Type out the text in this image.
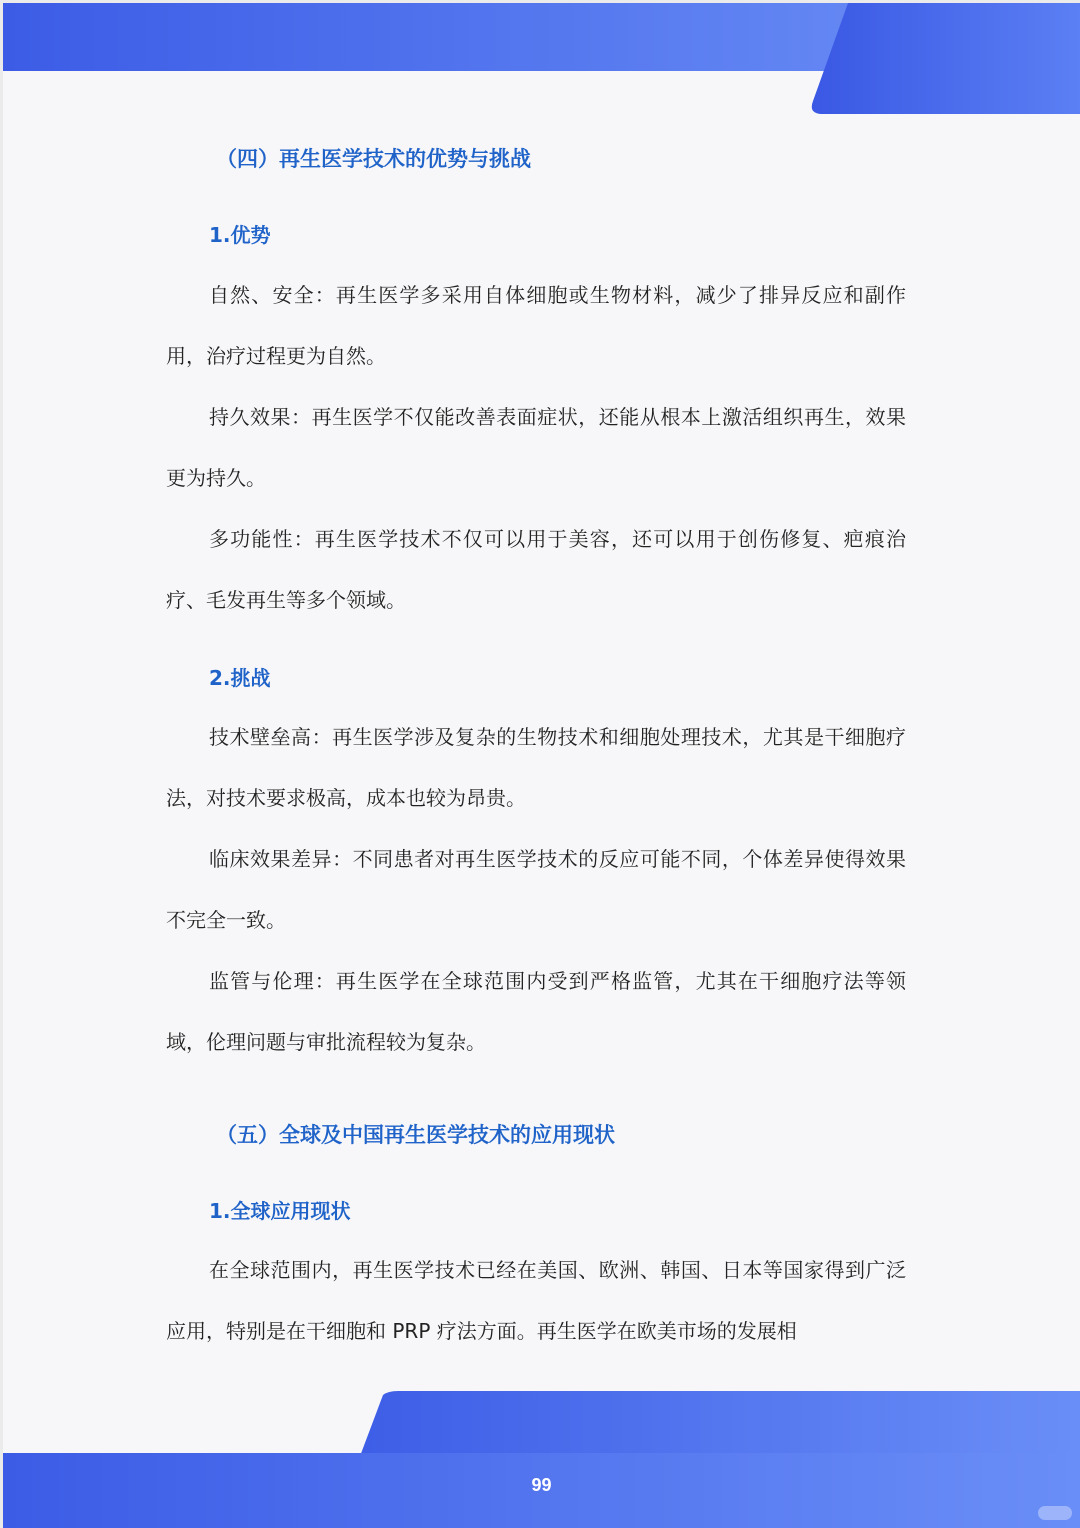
（四）再生医学技术的优势与挑战
1.优势

自然、安全：再生医学多采用自体细胞或生物材料，减少了排异反应和副作用，治疗过程更为自然。

持久效果：再生医学不仅能改善表面症状，还能从根本上激活组织再生，效果更为持久。

多功能性：再生医学技术不仅可以用于美容，还可以用于创伤修复、疤痕治疗、毛发再生等多个领域。

2.挑战

技术壁垒高：再生医学涉及复杂的生物技术和细胞处理技术，尤其是干细胞疗法，对技术要求极高，成本也较为昂贵。

临床效果差异：不同患者对再生医学技术的反应可能不同，个体差异使得效果不完全一致。

监管与伦理：再生医学在全球范围内受到严格监管，尤其在干细胞疗法等领域，伦理问题与审批流程较为复杂。

（五）全球及中国再生医学技术的应用现状
1.全球应用现状

在全球范围内，再生医学技术已经在美国、欧洲、韩国、日本等国家得到广泛应用，特别是在干细胞和 PRP 疗法方面。再生医学在欧美市场的发展相

99
